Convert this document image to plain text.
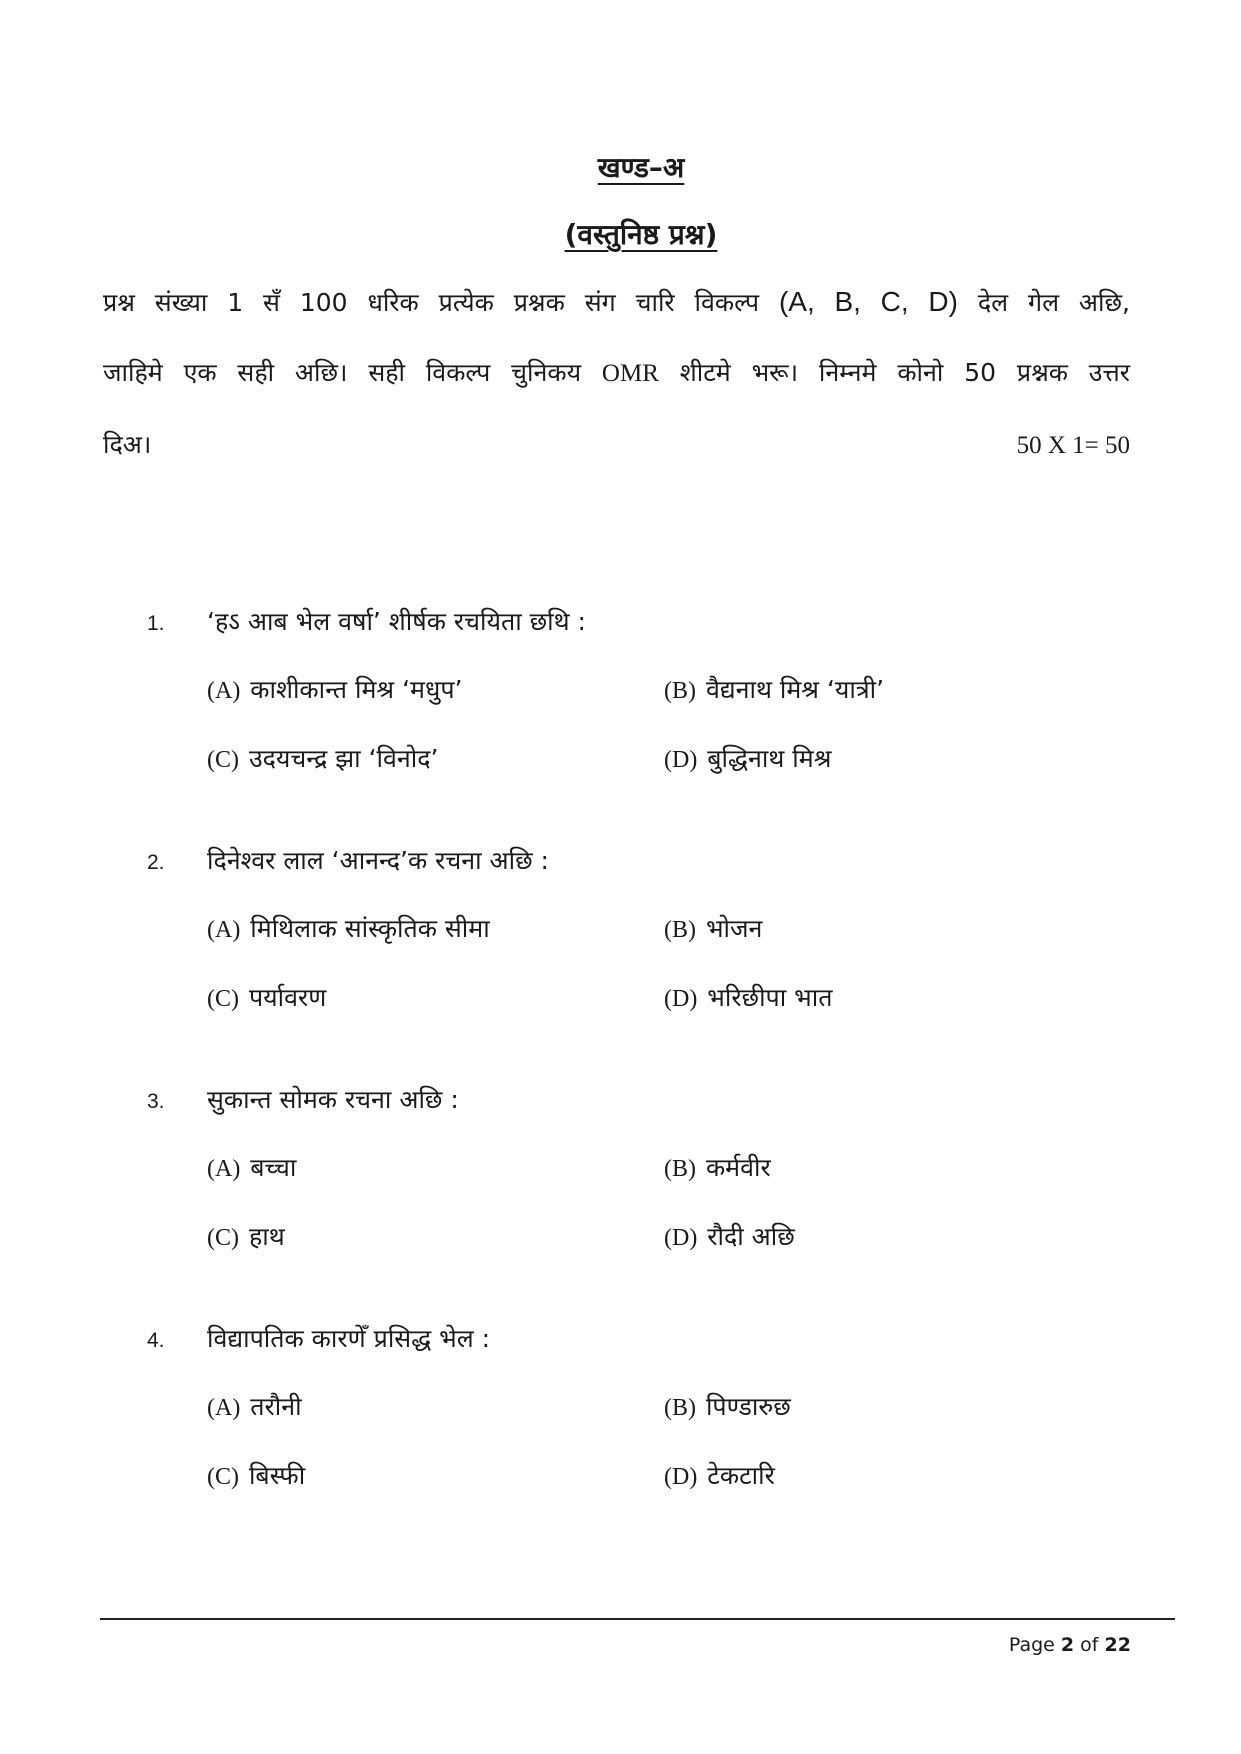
खण्ड–अ
(वस्तुनिष्ठ प्रश्न)
प्रश्न संख्या 1 सँ 100 धरिक प्रत्येक प्रश्नक संग चारि विकल्प (A, B, C, D) देल गेल अछि,
जाहिमे एक सही अछि। सही विकल्प चुनिकय OMR शीटमे भरू। निम्नमे कोनो 50 प्रश्नक उत्तर
दिअ।	50 X 1= 50
1.	‘हऽ आब भेल वर्षा’ शीर्षक रचयिता छथि :
(A) काशीकान्त मिश्र ‘मधुप’	(B) वैद्यनाथ मिश्र ‘यात्री’
(C) उदयचन्द्र झा ‘विनोद’	(D) बुद्धिनाथ मिश्र
2.	दिनेश्वर लाल ‘आनन्द’क रचना अछि :
(A) मिथिलाक सांस्कृतिक सीमा	(B) भोजन
(C) पर्यावरण	(D) भरिछीपा भात
3.	सुकान्त सोमक रचना अछि :
(A) बच्चा	(B) कर्मवीर
(C) हाथ	(D) रौदी अछि
4.	विद्यापतिक कारणेँ प्रसिद्ध भेल :
(A) तरौनी	(B) पिण्डारुछ
(C) बिस्फी	(D) टेकटारि
Page 2 of 22
